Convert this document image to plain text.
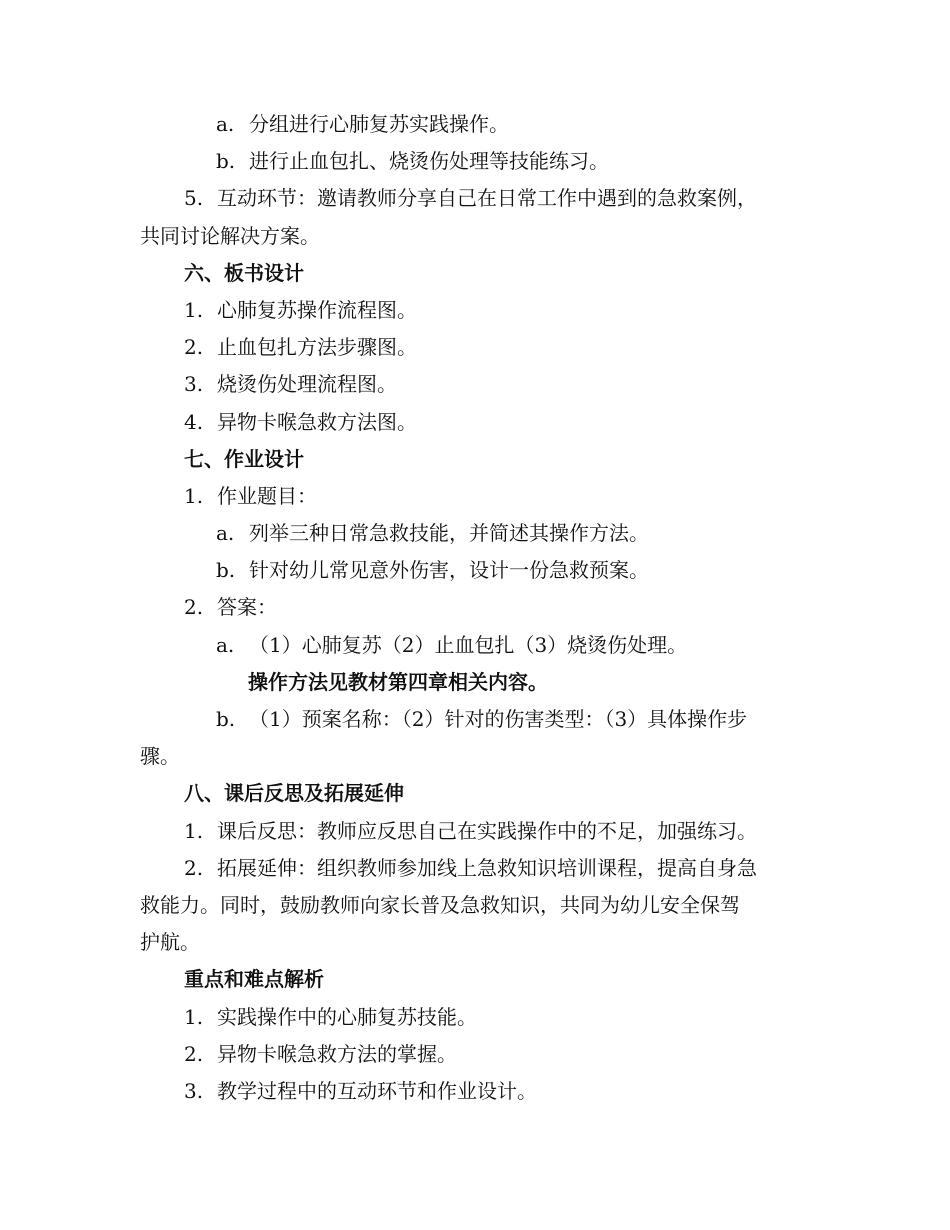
a. 分组进行心肺复苏实践操作。
b. 进行止血包扎、烧烫伤处理等技能练习。
5. 互动环节：邀请教师分享自己在日常工作中遇到的急救案例，
共同讨论解决方案。
六、板书设计
1. 心肺复苏操作流程图。
2. 止血包扎方法步骤图。
3. 烧烫伤处理流程图。
4. 异物卡喉急救方法图。
七、作业设计
1. 作业题目：
a. 列举三种日常急救技能，并简述其操作方法。
b. 针对幼儿常见意外伤害，设计一份急救预案。
2. 答案：
a. （1）心肺复苏（2）止血包扎（3）烧烫伤处理。
操作方法见教材第四章相关内容。
b. （1）预案名称：（2）针对的伤害类型：（3）具体操作步
骤。
八、课后反思及拓展延伸
1. 课后反思：教师应反思自己在实践操作中的不足，加强练习。
2. 拓展延伸：组织教师参加线上急救知识培训课程，提高自身急
救能力。同时，鼓励教师向家长普及急救知识，共同为幼儿安全保驾
护航。
重点和难点解析
1. 实践操作中的心肺复苏技能。
2. 异物卡喉急救方法的掌握。
3. 教学过程中的互动环节和作业设计。
